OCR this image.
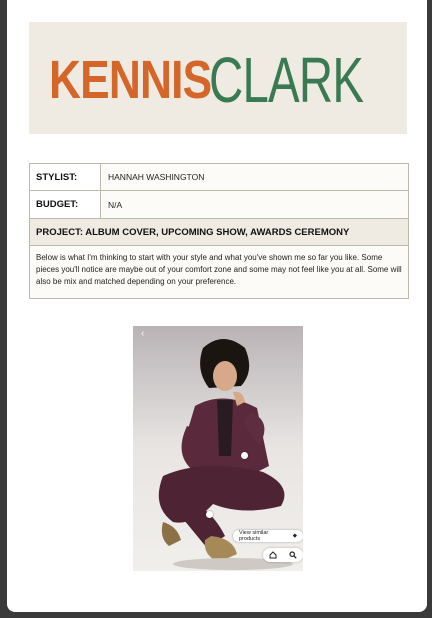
KENNIS
CLARK
STYLIST:	HANNAH WASHINGTON
BUDGET:	N/A
PROJECT: ALBUM COVER, UPCOMING SHOW, AWARDS CEREMONY
Below is what I'm thinking to start with your style and what you've shown me so far you like. Some pieces you'll notice are maybe out of your comfort zone and some may not feel like you at all. Some will also be mix and matched depending on your preference.
‹
View similar products	◆
